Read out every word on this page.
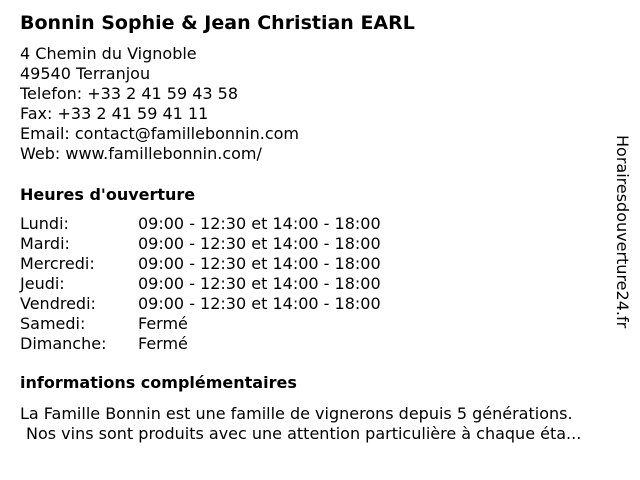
Bonnin Sophie & Jean Christian EARL
4 Chemin du Vignoble
49540 Terranjou
Telefon: +33 2 41 59 43 58
Fax: +33 2 41 59 41 11
Email: contact@famillebonnin.com
Web: www.famillebonnin.com/
Heures d'ouverture
Lundi:	09:00 - 12:30 et 14:00 - 18:00
Mardi:	09:00 - 12:30 et 14:00 - 18:00
Mercredi:	09:00 - 12:30 et 14:00 - 18:00
Jeudi:	09:00 - 12:30 et 14:00 - 18:00
Vendredi:	09:00 - 12:30 et 14:00 - 18:00
Samedi:	Fermé
Dimanche:	Fermé
informations complémentaires
La Famille Bonnin est une famille de vignerons depuis 5 générations.
Nos vins sont produits avec une attention particulière à chaque éta...
Horairesdouverture24.fr
